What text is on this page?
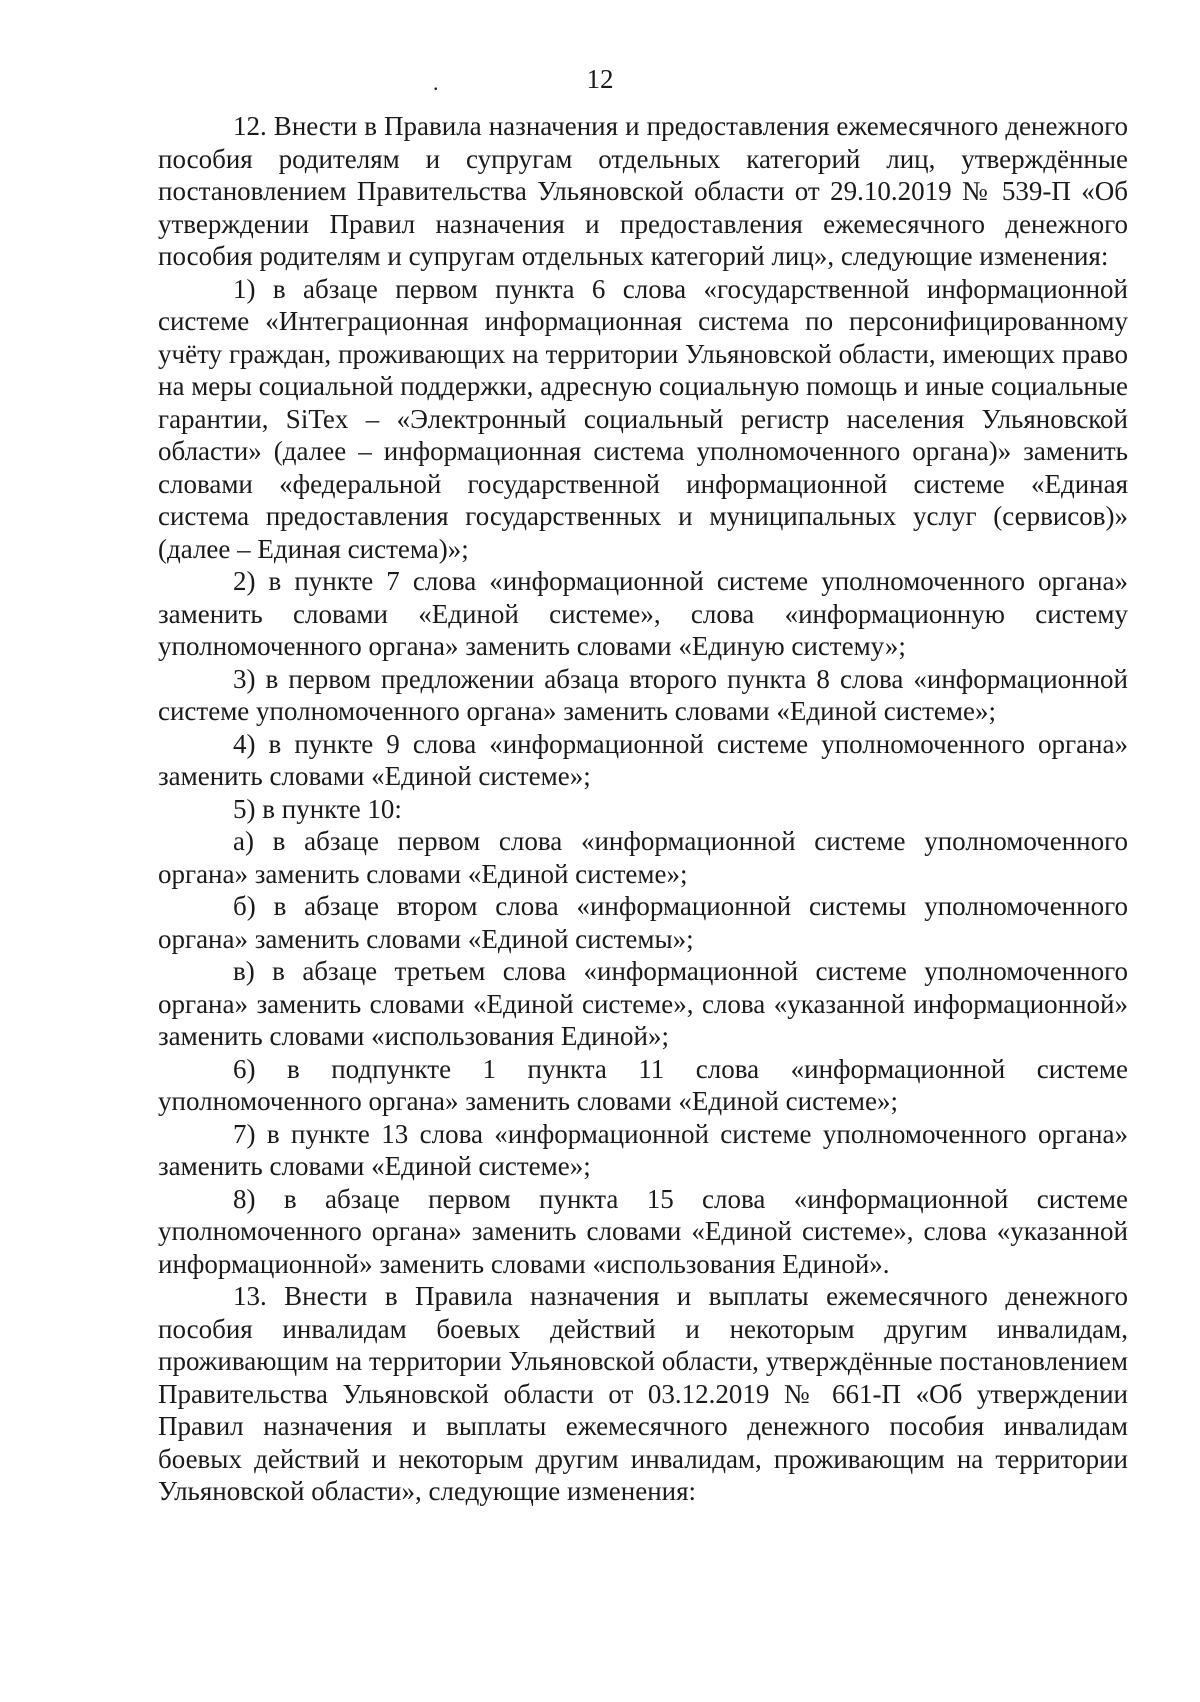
12
.

12. Внести в Правила назначения и предоставления ежемесячного денежного пособия родителям и супругам отдельных категорий лиц, утверждённые постановлением Правительства Ульяновской области от 29.10.2019 № 539-П «Об утверждении Правил назначения и предоставления ежемесячного денежного пособия родителям и супругам отдельных категорий лиц», следующие изменения:

1) в абзаце первом пункта 6 слова «государственной информационной системе «Интеграционная информационная система по персонифицированному учёту граждан, проживающих на территории Ульяновской области, имеющих право на меры социальной поддержки, адресную социальную помощь и иные социальные гарантии, SiTex – «Электронный социальный регистр населения Ульяновской области» (далее – информационная система уполномоченного органа)» заменить словами «федеральной государственной информационной системе «Единая система предоставления государственных и муниципальных услуг (сервисов)» (далее – Единая система)»;

2) в пункте 7 слова «информационной системе уполномоченного органа» заменить словами «Единой системе», слова «информационную систему уполномоченного органа» заменить словами «Единую систему»;

3) в первом предложении абзаца второго пункта 8 слова «информационной системе уполномоченного органа» заменить словами «Единой системе»;

4) в пункте 9 слова «информационной системе уполномоченного органа» заменить словами «Единой системе»;

5) в пункте 10:

а) в абзаце первом слова «информационной системе уполномоченного органа» заменить словами «Единой системе»;

б) в абзаце втором слова «информационной системы уполномоченного органа» заменить словами «Единой системы»;

в) в абзаце третьем слова «информационной системе уполномоченного органа» заменить словами «Единой системе», слова «указанной информационной» заменить словами «использования Единой»;

6) в подпункте 1 пункта 11 слова «информационной системе уполномоченного органа» заменить словами «Единой системе»;

7) в пункте 13 слова «информационной системе уполномоченного органа» заменить словами «Единой системе»;

8) в абзаце первом пункта 15 слова «информационной системе уполномоченного органа» заменить словами «Единой системе», слова «указанной информационной» заменить словами «использования Единой».

13. Внести в Правила назначения и выплаты ежемесячного денежного пособия инвалидам боевых действий и некоторым другим инвалидам, проживающим на территории Ульяновской области, утверждённые постановлением Правительства Ульяновской области от 03.12.2019 № 661-П «Об утверждении Правил назначения и выплаты ежемесячного денежного пособия инвалидам боевых действий и некоторым другим инвалидам, проживающим на территории Ульяновской области», следующие изменения:
